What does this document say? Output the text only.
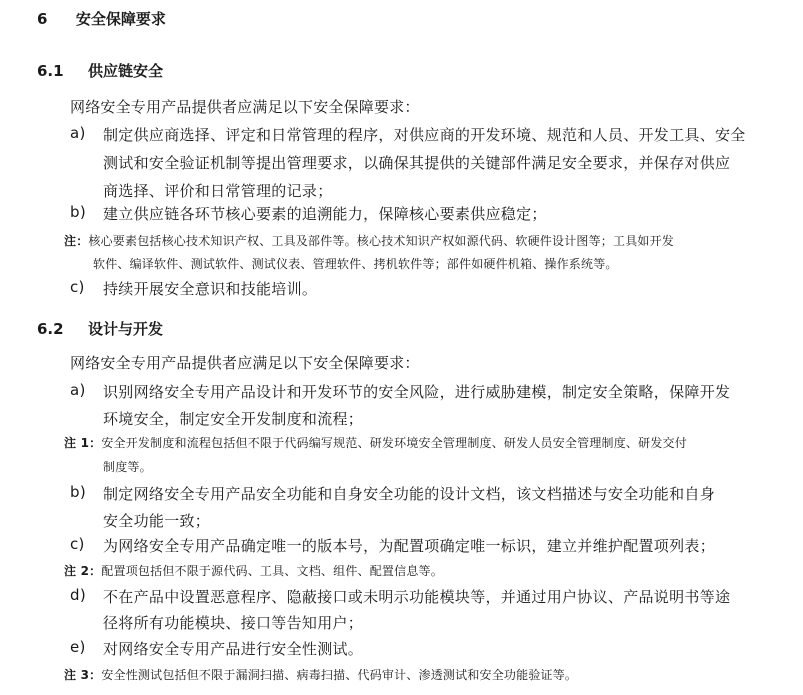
6 安全保障要求
6.1 供应链安全
网络安全专用产品提供者应满足以下安全保障要求：
a) 制定供应商选择、评定和日常管理的程序，对供应商的开发环境、规范和人员、开发工具、安全
测试和安全验证机制等提出管理要求，以确保其提供的关键部件满足安全要求，并保存对供应
商选择、评价和日常管理的记录；
b) 建立供应链各环节核心要素的追溯能力，保障核心要素供应稳定；
注：核心要素包括核心技术知识产权、工具及部件等。核心技术知识产权如源代码、软硬件设计图等；工具如开发
软件、编译软件、测试软件、测试仪表、管理软件、拷机软件等；部件如硬件机箱、操作系统等。
c) 持续开展安全意识和技能培训。
6.2 设计与开发
网络安全专用产品提供者应满足以下安全保障要求：
a) 识别网络安全专用产品设计和开发环节的安全风险，进行威胁建模，制定安全策略，保障开发
环境安全，制定安全开发制度和流程；
注 1：安全开发制度和流程包括但不限于代码编写规范、研发环境安全管理制度、研发人员安全管理制度、研发交付
制度等。
b) 制定网络安全专用产品安全功能和自身安全功能的设计文档，该文档描述与安全功能和自身
安全功能一致；
c) 为网络安全专用产品确定唯一的版本号，为配置项确定唯一标识，建立并维护配置项列表；
注 2：配置项包括但不限于源代码、工具、文档、组件、配置信息等。
d) 不在产品中设置恶意程序、隐蔽接口或未明示功能模块等，并通过用户协议、产品说明书等途
径将所有功能模块、接口等告知用户；
e) 对网络安全专用产品进行安全性测试。
注 3：安全性测试包括但不限于漏洞扫描、病毒扫描、代码审计、渗透测试和安全功能验证等。
